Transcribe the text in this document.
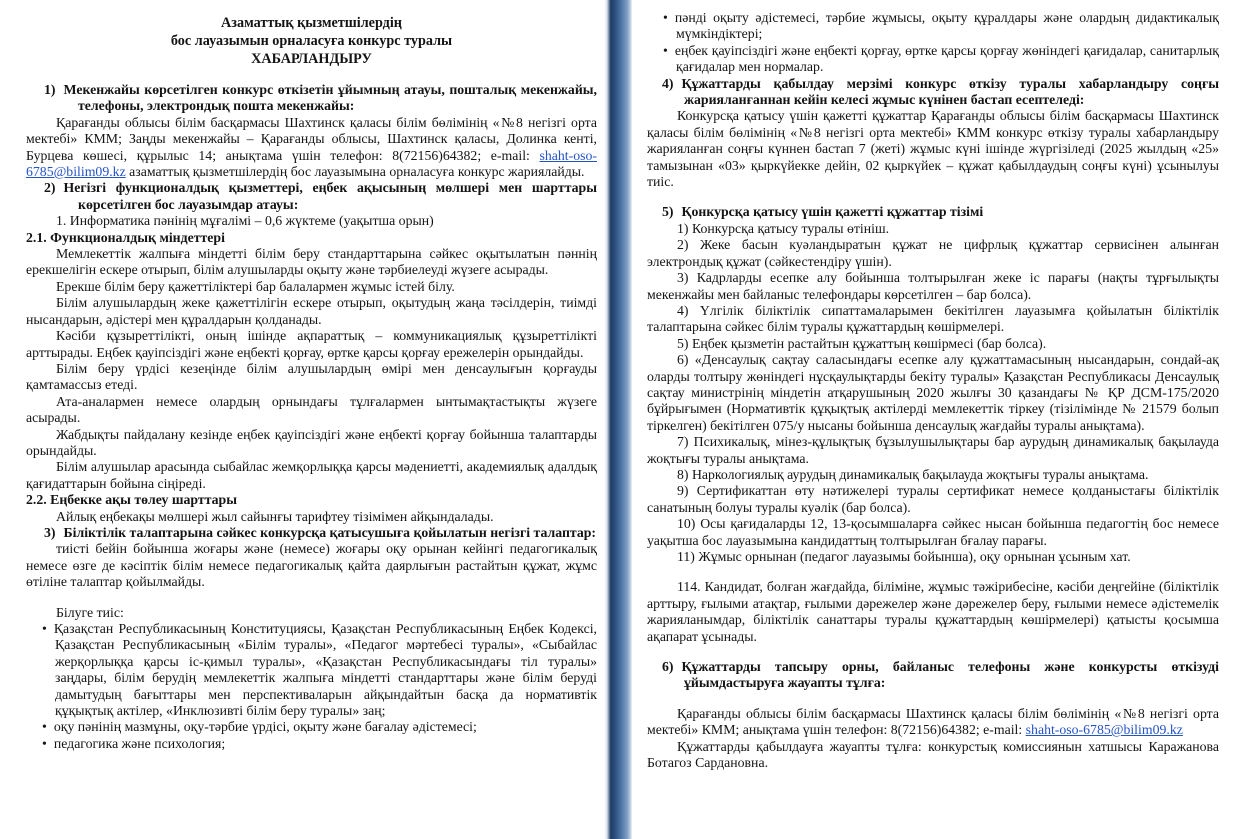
Азаматтық қызметшілердің
бос лауазымын орналасуға конкурс туралы
ХАБАРЛАНДЫРУ

1) Мекенжайы көрсетілген конкурс өткізетін ұйымның атауы, пошталық мекенжайы, телефоны, электрондық пошта мекенжайы:

Қарағанды облысы білім басқармасы Шахтинск қаласы білім бөлімінің «№8 негізгі орта мектебі» КММ; Заңды мекенжайы – Қарағанды облысы, Шахтинск қаласы, Долинка кенті, Бурцева көшесі, құрылыс 14; анықтама үшін телефон: 8(72156)64382; e-mail: shaht-oso-6785@bilim09.kz азаматтық қызметшілердің бос лауазымына орналасуға конкурс жариялайды.

2) Негізгі функционалдық қызметтері, еңбек ақысының мөлшері мен шарттары көрсетілген бос лауазымдар атауы:

1. Информатика пәнінің мұғалімі – 0,6 жүктеме (уақытша орын)

2.1. Функционалдық міндеттері

Мемлекеттік жалпыға міндетті білім беру стандарттарына сәйкес оқытылатын пәннің ерекшелігін ескере отырып, білім алушыларды оқыту және тәрбиелеуді жүзеге асырады.

Ерекше білім беру қажеттіліктері бар балалармен жұмыс істей білу.

Білім алушылардың жеке қажеттілігін ескере отырып, оқытудың жаңа тәсілдерін, тиімді нысандарын, әдістері мен құралдарын қолданады.

Кәсіби құзыреттілікті, оның ішінде ақпараттық – коммуникациялық құзыреттілікті арттырады. Еңбек қауіпсіздігі және еңбекті қорғау, өртке қарсы қорғау ережелерін орындайды.

Білім беру үрдісі кезеңінде білім алушылардың өмірі мен денсаулығын қорғауды қамтамассыз етеді.

Ата-аналармен немесе олардың орнындағы тұлғалармен ынтымақтастықты жүзеге асырады.

Жабдықты пайдалану кезінде еңбек қауіпсіздігі және еңбекті қорғау бойынша талаптарды орындайды.

Білім алушылар арасында сыбайлас жемқорлыққа қарсы мәдениетті, академиялық адалдық қағидаттарын бойына сіңіреді.

2.2. Еңбекке ақы төлеу шарттары

Айлық еңбекақы мөлшері жыл сайынғы тарифтеу тізімімен айқындалады.

3) Біліктілік талаптарына сәйкес конкурсқа қатысушыға қойылатын негізгі талаптар:

тиісті бейін бойынша жоғары және (немесе) жоғары оқу орынан кейінгі педагогикалық немесе өзге де кәсіптік білім немесе педагогикалық қайта даярлығын растайтын құжат, жұмс өтіліне талаптар қойылмайды.

Білуге тиіс:

• Қазақстан Республикасының Конституциясы, Қазақстан Республикасының Еңбек Кодексі, Қазақстан Республикасының «Білім туралы», «Педагог мәртебесі туралы», «Сыбайлас жерқорлыққа қарсы іс-қимыл туралы», «Қазақстан Республикасындағы тіл туралы» заңдары, білім берудің мемлекеттік жалпыға міндетті стандарттары және білім беруді дамытудың бағыттары мен перспективаларын айқындайтын басқа да нормативтік құқықтық актілер, «Инклюзивті білім беру туралы» заң;

• оқу пәнінің мазмұны, оқу-тәрбие үрдісі, оқыту және бағалау әдістемесі;

• педагогика және психология;

• пәнді оқыту әдістемесі, тәрбие жұмысы, оқыту құралдары және олардың дидактикалық мүмкіндіктері;

• еңбек қауіпсіздігі және еңбекті қорғау, өртке қарсы қорғау жөніндегі қағидалар, санитарлық қағидалар мен нормалар.

4) Құжаттарды қабылдау мерзімі конкурс өткізу туралы хабарландыру соңғы жарияланғаннан кейін келесі жұмыс күнінен бастап есептеледі:

Конкурсқа қатысу үшін қажетті құжаттар Қарағанды облысы білім басқармасы Шахтинск қаласы білім бөлімінің «№8 негізгі орта мектебі» КММ конкурс өткізу туралы хабарландыру жарияланған соңғы күннен бастап 7 (жеті) жұмыс күні ішінде жүргізіледі (2025 жылдың «25» тамызынан «03» қыркүйекке дейін, 02 қыркүйек – құжат қабылдаудың соңғы күні) ұсынылуы тиіс.

5) Қонкурсқа қатысу үшін қажетті құжаттар тізімі

1) Конкурсқа қатысу туралы өтініш.

2) Жеке басын куәландыратын құжат не цифрлық құжаттар сервисінен алынған электрондық құжат (сәйкестендіру үшін).

3) Кадрларды есепке алу бойынша толтырылған жеке іс парағы (нақты тұрғылықты мекенжайы мен байланыс телефондары көрсетілген – бар болса).

4) Үлгілік біліктілік сипаттамаларымен бекітілген лауазымға қойылатын біліктілік талаптарына сәйкес білім туралы құжаттардың көшірмелері.

5) Еңбек қызметін растайтын құжаттың көшірмесі (бар болса).

6) «Денсаулық сақтау саласындағы есепке алу құжаттамасының нысандарын, сондай-ақ оларды толтыру жөніндегі нұсқаулықтарды бекіту туралы» Қазақстан Республикасы Денсаулық сақтау министрінің міндетін атқарушының 2020 жылғы 30 қазандағы № ҚР ДСМ-175/2020 бұйрығымен (Нормативтік құқықтық актілерді мемлекеттік тіркеу (тізілімінде № 21579 болып тіркелген) бекітілген 075/у нысаны бойынша денсаулық жағдайы туралы анықтама).

7) Психикалық, мінез-құлықтық бұзылушылықтары бар аурудың динамикалық бақылауда жоқтығы туралы анықтама.

8) Наркологиялық аурудың динамикалық бақылауда жоқтығы туралы анықтама.

9) Сертификаттан өту нәтижелері туралы сертификат немесе қолданыстағы біліктілік санатының болуы туралы куәлік (бар болса).

10) Осы қағидаларды 12, 13-қосымшаларға сәйкес нысан бойынша педагогтің бос немесе уақытша бос лауазымына кандидаттың толтырылған бғалау парағы.

11) Жұмыс орнынан (педагог лауазымы бойынша), оқу орнынан ұсыным хат.

114. Кандидат, болған жағдайда, біліміне, жұмыс тәжірибесіне, кәсіби деңгейіне (біліктілік арттыру, ғылыми атақтар, ғылыми дәрежелер және дәрежелер беру, ғылыми немесе әдістемелік жарияланымдар, біліктілік санаттары туралы құжаттардың көшірмелері) қатысты қосымша ақапарат ұсынады.

6) Құжаттарды тапсыру орны, байланыс телефоны және конкурсты өткізуді ұйымдастыруға жауапты тұлға:

Қарағанды облысы білім басқармасы Шахтинск қаласы білім бөлімінің «№8 негізгі орта мектебі» КММ; анықтама үшін телефон: 8(72156)64382; e-mail: shaht-oso-6785@bilim09.kz

Құжаттарды қабылдауға жауапты тұлға: конкурстық комиссиянын хатшысы Каражанова Ботагоз Сардановна.
